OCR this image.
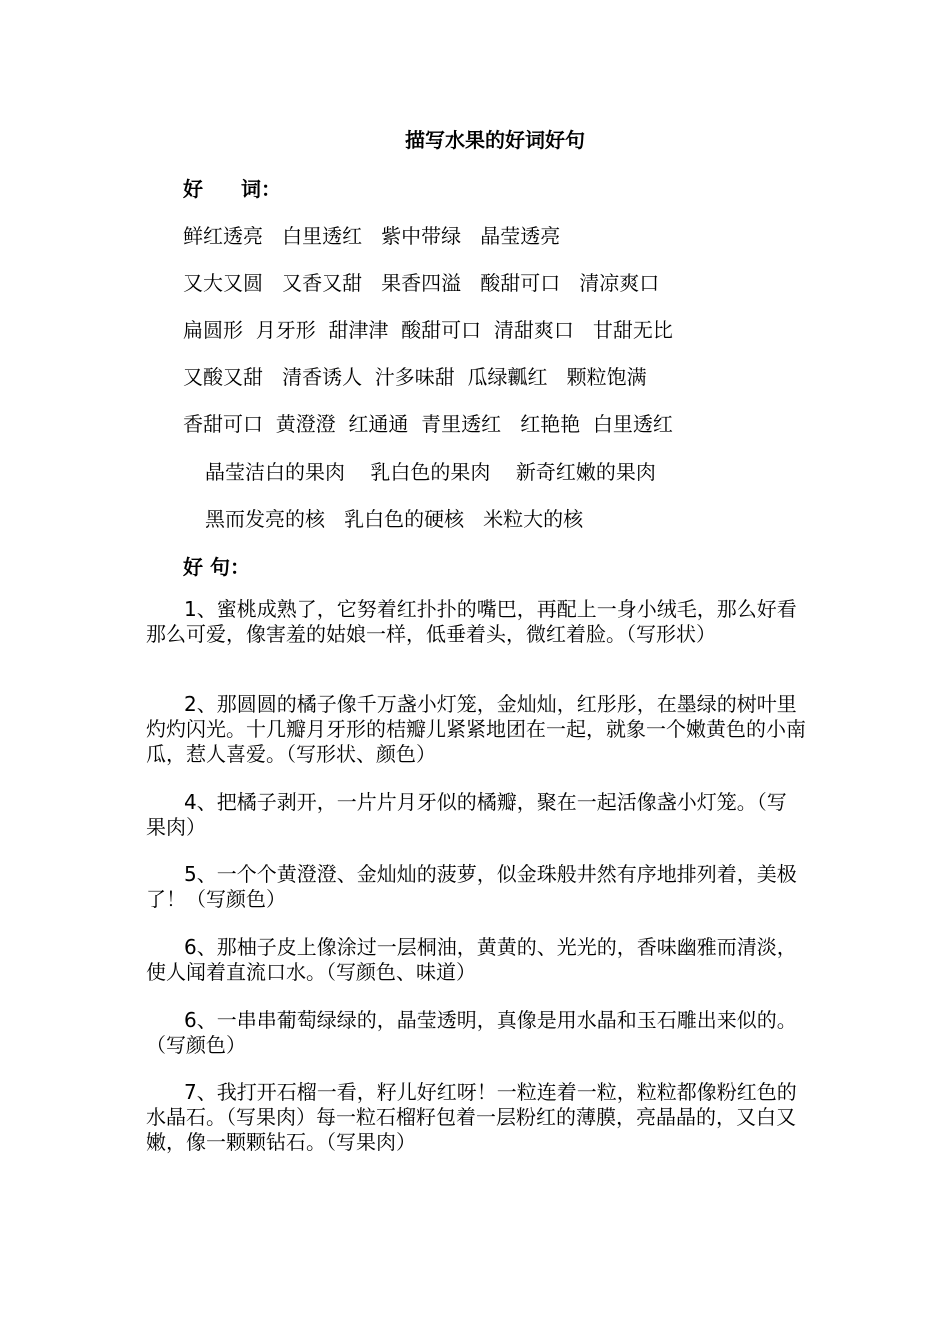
描写水果的好词好句
好 词：
鲜红透亮   白里透红   紫中带绿   晶莹透亮
又大又圆   又香又甜   果香四溢   酸甜可口   清凉爽口
扁圆形  月牙形  甜津津  酸甜可口  清甜爽口   甘甜无比
又酸又甜   清香诱人  汁多味甜  瓜绿瓤红   颗粒饱满
香甜可口  黄澄澄  红通通  青里透红   红艳艳  白里透红
晶莹洁白的果肉    乳白色的果肉    新奇红嫩的果肉
黑而发亮的核   乳白色的硬核   米粒大的核
好 句：
1、蜜桃成熟了，它努着红扑扑的嘴巴，再配上一身小绒毛，那么好看那么可爱，像害羞的姑娘一样，低垂着头，微红着脸。（写形状）
2、那圆圆的橘子像千万盏小灯笼，金灿灿，红彤彤，在墨绿的树叶里灼灼闪光。十几瓣月牙形的桔瓣儿紧紧地团在一起，就象一个嫩黄色的小南瓜，惹人喜爱。（写形状、颜色）
4、把橘子剥开，一片片月牙似的橘瓣，聚在一起活像盏小灯笼。（写果肉）
5、一个个黄澄澄、金灿灿的菠萝，似金珠般井然有序地排列着，美极了！（写颜色）
6、那柚子皮上像涂过一层桐油，黄黄的、光光的，香味幽雅而清淡，使人闻着直流口水。（写颜色、味道）
6、一串串葡萄绿绿的，晶莹透明，真像是用水晶和玉石雕出来似的。（写颜色）
7、我打开石榴一看，籽儿好红呀！一粒连着一粒，粒粒都像粉红色的水晶石。（写果肉）每一粒石榴籽包着一层粉红的薄膜，亮晶晶的，又白又嫩，像一颗颗钻石。（写果肉）
